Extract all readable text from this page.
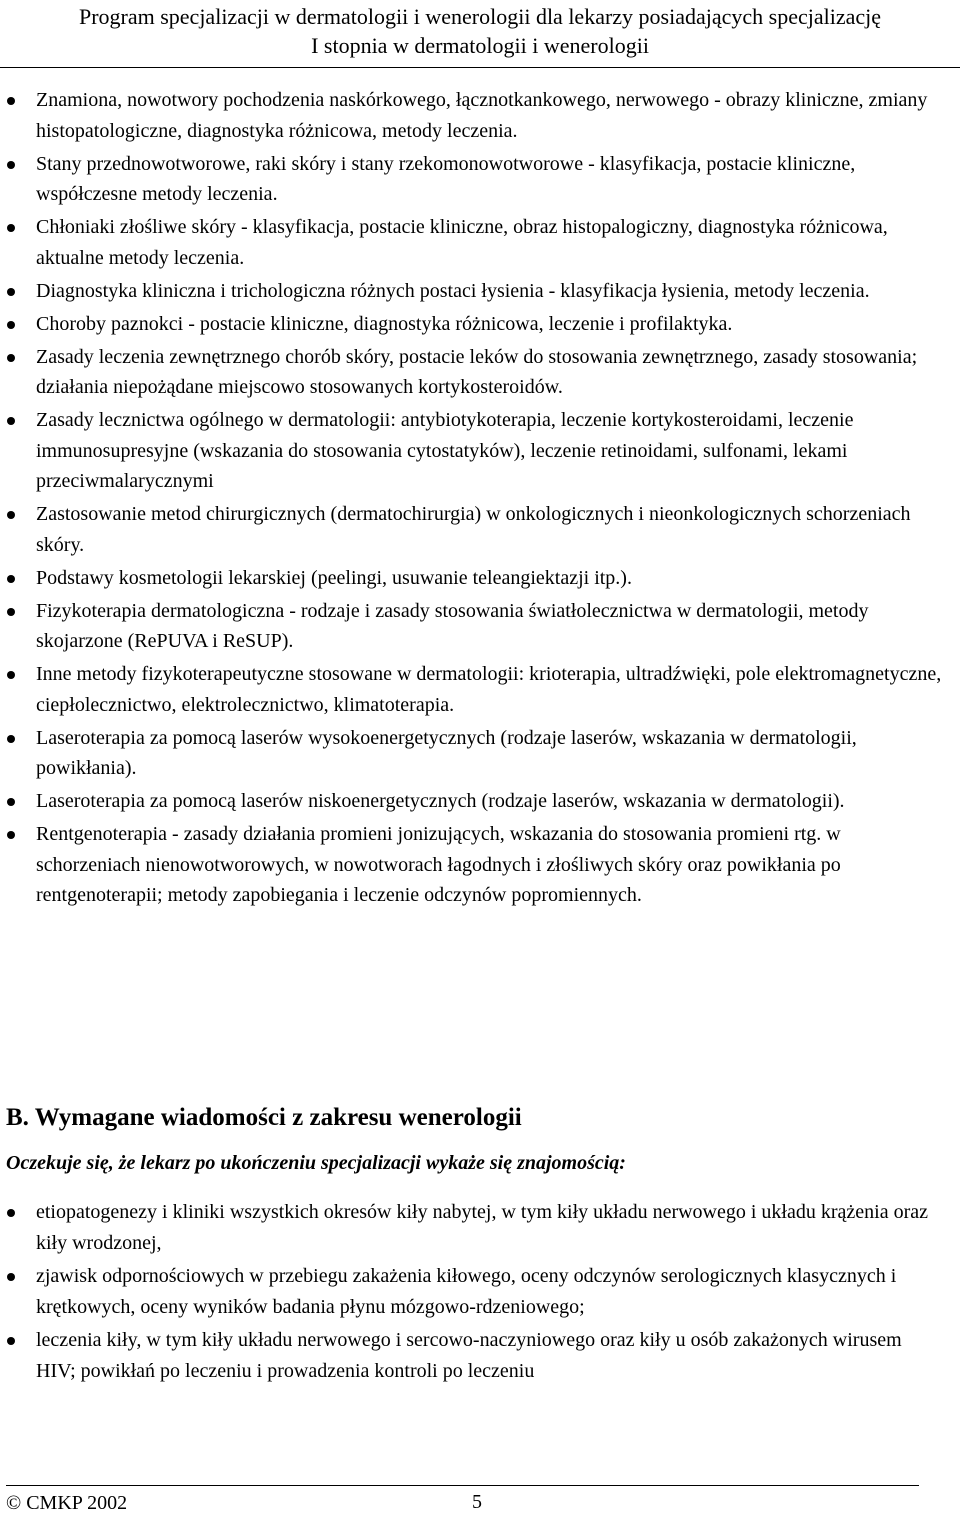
Program specjalizacji w dermatologii i wenerologii dla lekarzy posiadających specjalizację
I stopnia w dermatologii i wenerologii
Znamiona, nowotwory pochodzenia naskórkowego, łącznotkankowego, nerwowego - obrazy kliniczne, zmiany histopatologiczne, diagnostyka różnicowa, metody leczenia.
Stany przednowotworowe, raki skóry i stany rzekomonowotworowe - klasyfikacja, postacie kliniczne, współczesne metody leczenia.
Chłoniaki złośliwe skóry - klasyfikacja, postacie kliniczne, obraz histopalogiczny, diagnostyka różnicowa, aktualne metody leczenia.
Diagnostyka kliniczna i trichologiczna różnych postaci łysienia - klasyfikacja łysienia, metody leczenia.
Choroby paznokci - postacie kliniczne, diagnostyka różnicowa, leczenie i profilaktyka.
Zasady leczenia zewnętrznego chorób skóry, postacie leków do stosowania zewnętrznego, zasady stosowania; działania niepożądane miejscowo stosowanych kortykosteroidów.
Zasady lecznictwa ogólnego w dermatologii: antybiotykoterapia, leczenie kortykosteroidami, leczenie immunosupresyjne (wskazania do stosowania cytostatyków), leczenie retinoidami, sulfonami, lekami przeciwmalarycznymi
Zastosowanie metod chirurgicznych (dermatochirurgia) w onkologicznych i nieonkologicznych schorzeniach skóry.
Podstawy kosmetologii lekarskiej (peelingi, usuwanie teleangiektazji itp.).
Fizykoterapia dermatologiczna - rodzaje i zasady stosowania światłolecznictwa w dermatologii, metody skojarzone (RePUVA i ReSUP).
Inne metody fizykoterapeutyczne stosowane w dermatologii: krioterapia, ultradźwięki, pole elektromagnetyczne, ciepłolecznictwo, elektrolecznictwo, klimatoterapia.
Laseroterapia za pomocą laserów wysokoenergetycznych (rodzaje laserów, wskazania w dermatologii, powikłania).
Laseroterapia za pomocą laserów niskoenergetycznych (rodzaje laserów, wskazania w dermatologii).
Rentgenoterapia - zasady działania promieni jonizujących, wskazania do stosowania promieni rtg. w schorzeniach nienowotworowych, w nowotworach łagodnych i złośliwych skóry oraz powikłania po rentgenoterapii; metody zapobiegania i leczenie odczynów popromiennych.
B. Wymagane wiadomości z zakresu wenerologii
Oczekuje się, że lekarz po ukończeniu specjalizacji wykaże się znajomością:
etiopatogenezy i kliniki wszystkich okresów kiły nabytej, w tym kiły układu nerwowego i układu krążenia oraz kiły wrodzonej,
zjawisk odpornościowych w przebiegu zakażenia kiłowego, oceny odczynów serologicznych klasycznych i krętkowych, oceny wyników badania płynu mózgowo-rdzeniowego;
leczenia kiły, w tym kiły układu nerwowego i sercowo-naczyniowego oraz kiły u osób zakażonych wirusem HIV; powikłań po leczeniu i prowadzenia kontroli po leczeniu
© CMKP 2002	5
